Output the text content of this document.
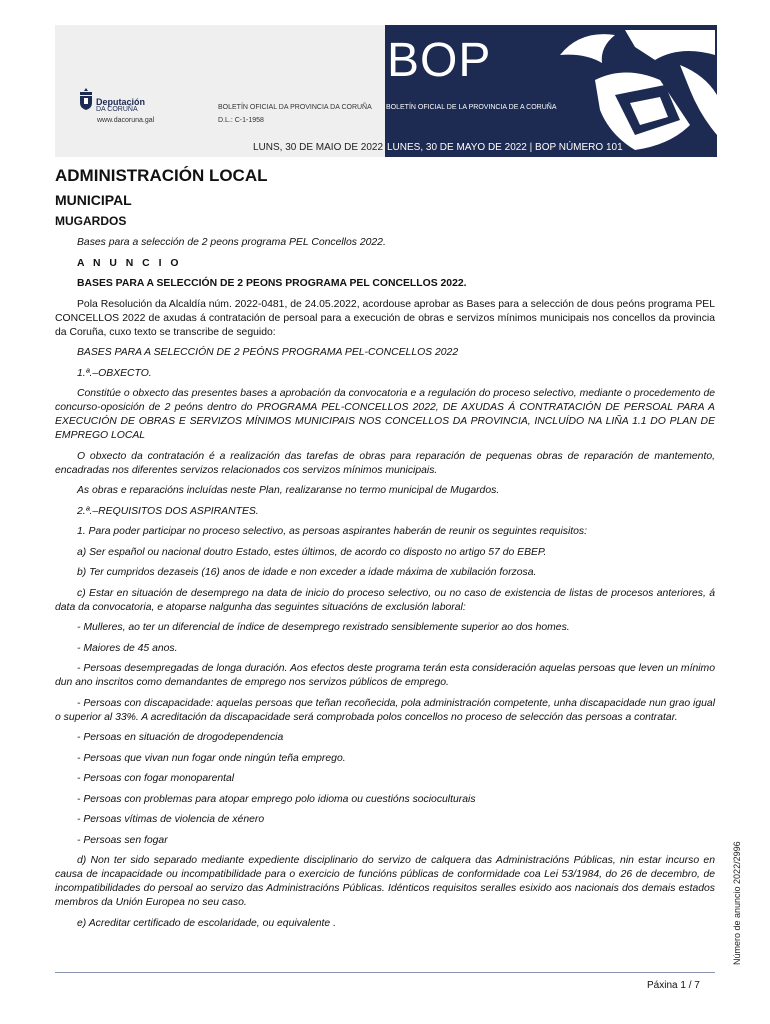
BOP
Deputación
DA CORUÑA
www.dacoruna.gal
BOLETÍN OFICIAL DA PROVINCIA DA CORUÑA BOLETÍN OFICIAL DE LA PROVINCIA DE A CORUÑA
D.L.: C-1-1958
LUNS, 30 DE MAIO DE 2022 LUNES, 30 DE MAYO DE 2022 | BOP NÚMERO 101
Número de anuncio 2022/2996
ADMINISTRACIÓN LOCAL
MUNICIPAL
MUGARDOS

Bases para a selección de 2 peons programa PEL Concellos 2022.

A N U N C I O

BASES PARA A SELECCIÓN DE 2 PEONS PROGRAMA PEL CONCELLOS 2022.

Pola Resolución da Alcaldía núm. 2022-0481, de 24.05.2022, acordouse aprobar as Bases para a selección de dous peóns programa PEL CONCELLOS 2022 de axudas á contratación de persoal para a execución de obras e servizos mínimos municipais nos concellos da provincia da Coruña, cuxo texto se transcribe de seguido:

BASES PARA A SELECCIÓN DE 2 PEÓNS PROGRAMA PEL-CONCELLOS 2022

1.ª.–OBXECTO.

Constitúe o obxecto das presentes bases a aprobación da convocatoria e a regulación do proceso selectivo, mediante o procedemento de concurso-oposición de 2 peóns dentro do PROGRAMA PEL-CONCELLOS 2022, DE AXUDAS Á CONTRATACIÓN DE PERSOAL PARA A EXECUCIÓN DE OBRAS E SERVIZOS MÍNIMOS MUNICIPAIS NOS CONCELLOS DA PROVINCIA, INCLUÍDO NA LIÑA 1.1 DO PLAN DE EMPREGO LOCAL

O obxecto da contratación é a realización das tarefas de obras para reparación de pequenas obras de reparación de mantemento, encadradas nos diferentes servizos relacionados cos servizos mínimos municipais.

As obras e reparacións incluídas neste Plan, realizaranse no termo municipal de Mugardos.

2.ª.–REQUISITOS DOS ASPIRANTES.

1. Para poder participar no proceso selectivo, as persoas aspirantes haberán de reunir os seguintes requisitos:

a) Ser español ou nacional doutro Estado, estes últimos, de acordo co disposto no artigo 57 do EBEP.

b) Ter cumpridos dezaseis (16) anos de idade e non exceder a idade máxima de xubilación forzosa.

c) Estar en situación de desemprego na data de inicio do proceso selectivo, ou no caso de existencia de listas de procesos anteriores, á data da convocatoria, e atoparse nalgunha das seguintes situacións de exclusión laboral:

- Mulleres, ao ter un diferencial de índice de desemprego rexistrado sensiblemente superior ao dos homes.

- Maiores de 45 anos.

- Persoas desempregadas de longa duración. Aos efectos deste programa terán esta consideración aquelas persoas que leven un mínimo dun ano inscritos como demandantes de emprego nos servizos públicos de emprego.

- Persoas con discapacidade: aquelas persoas que teñan recoñecida, pola administración competente, unha discapacidade nun grao igual o superior al 33%. A acreditación da discapacidade será comprobada polos concellos no proceso de selección das persoas a contratar.

- Persoas en situación de drogodependencia

- Persoas que vivan nun fogar onde ningún teña emprego.

- Persoas con fogar monoparental

- Persoas con problemas para atopar emprego polo idioma ou cuestións socioculturais

- Persoas vítimas de violencia de xénero

- Persoas sen fogar

d) Non ter sido separado mediante expediente disciplinario do servizo de calquera das Administracións Públicas, nin estar incurso en causa de incapacidade ou incompatibilidade para o exercicio de funcións públicas de conformidade coa Lei 53/1984, do 26 de decembro, de incompatibilidades do persoal ao servizo das Administracións Públicas. Idénticos requisitos seralles esixido aos nacionais dos demais estados membros da Unión Europea no seu caso.

e) Acreditar certificado de escolaridade, ou equivalente .

Páxina 1 / 7
